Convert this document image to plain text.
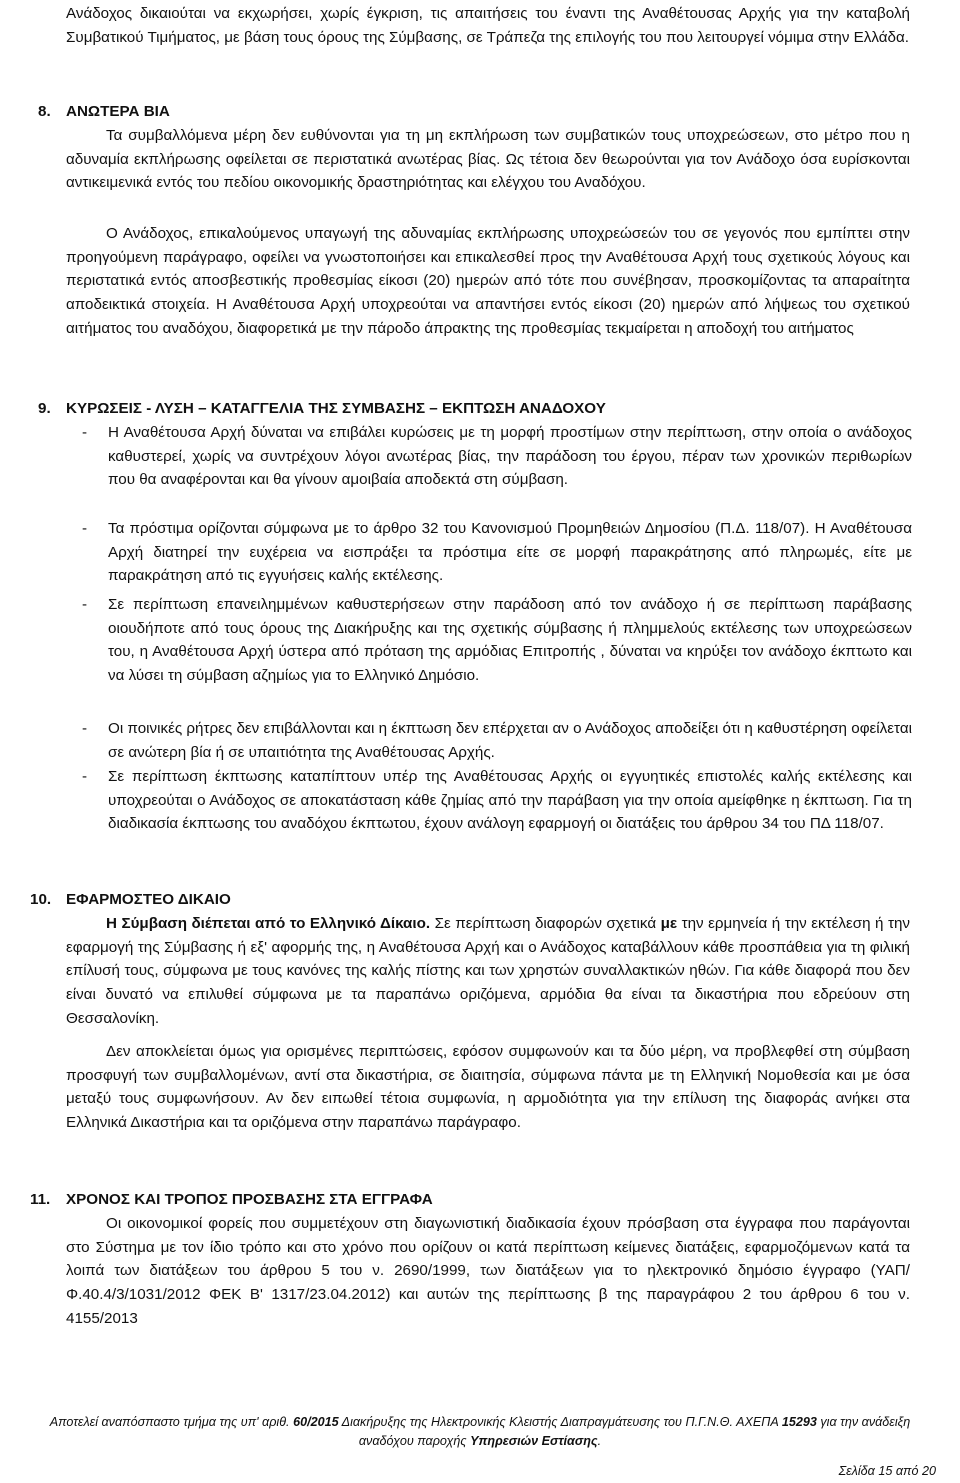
Ανάδοχος δικαιούται να εκχωρήσει, χωρίς έγκριση, τις απαιτήσεις του έναντι της Αναθέτουσας Αρχής για την καταβολή Συμβατικού Τιμήματος, με βάση τους όρους της Σύμβασης, σε Τράπεζα της επιλογής του που λειτουργεί νόμιμα στην Ελλάδα.

8. ΑΝΩΤΕΡΑ ΒΙΑ

Τα συμβαλλόμενα μέρη δεν ευθύνονται για τη μη εκπλήρωση των συμβατικών τους υποχρεώσεων, στο μέτρο που η αδυναμία εκπλήρωσης οφείλεται σε περιστατικά ανωτέρας βίας. Ως τέτοια δεν θεωρούνται για τον Ανάδοχο όσα ευρίσκονται αντικειμενικά εντός του πεδίου οικονομικής δραστηριότητας και ελέγχου του Αναδόχου.

Ο Ανάδοχος, επικαλούμενος υπαγωγή της αδυναμίας εκπλήρωσης υποχρεώσεών του σε γεγονός που εμπίπτει στην προηγούμενη παράγραφο, οφείλει να γνωστοποιήσει και επικαλεσθεί προς την Αναθέτουσα Αρχή τους σχετικούς λόγους και περιστατικά εντός αποσβεστικής προθεσμίας είκοσι (20) ημερών από τότε που συνέβησαν, προσκομίζοντας τα απαραίτητα αποδεικτικά στοιχεία. Η Αναθέτουσα Αρχή υποχρεούται να απαντήσει εντός είκοσι (20) ημερών από λήψεως του σχετικού αιτήματος του αναδόχου, διαφορετικά με την πάροδο άπρακτης της προθεσμίας τεκμαίρεται η αποδοχή του αιτήματος

9. ΚΥΡΩΣΕΙΣ - ΛΥΣΗ – ΚΑΤΑΓΓΕΛΙΑ ΤΗΣ ΣΥΜΒΑΣΗΣ – ΕΚΠΤΩΣΗ ΑΝΑΔΟΧΟΥ

- Η Αναθέτουσα Αρχή δύναται να επιβάλει κυρώσεις με τη μορφή προστίμων στην περίπτωση, στην οποία ο ανάδοχος καθυστερεί, χωρίς να συντρέχουν λόγοι ανωτέρας βίας, την παράδοση του έργου, πέραν των χρονικών περιθωρίων που θα αναφέρονται και θα γίνουν αμοιβαία αποδεκτά στη σύμβαση.

- Τα πρόστιμα ορίζονται σύμφωνα με το άρθρο 32 του Κανονισμού Προμηθειών Δημοσίου (Π.Δ. 118/07). Η Αναθέτουσα Αρχή διατηρεί την ευχέρεια να εισπράξει τα πρόστιμα είτε σε μορφή παρακράτησης από πληρωμές, είτε με παρακράτηση από τις εγγυήσεις καλής εκτέλεσης.

- Σε περίπτωση επανειλημμένων καθυστερήσεων στην παράδοση από τον ανάδοχο ή σε περίπτωση παράβασης οιουδήποτε από τους όρους της Διακήρυξης και της σχετικής σύμβασης ή πλημμελούς εκτέλεσης των υποχρεώσεων του, η Αναθέτουσα Αρχή ύστερα από πρόταση της αρμόδιας Επιτροπής , δύναται να κηρύξει τον ανάδοχο έκπτωτο και να λύσει τη σύμβαση αζημίως για το Ελληνικό Δημόσιο.

- Οι ποινικές ρήτρες δεν επιβάλλονται και η έκπτωση δεν επέρχεται αν ο Ανάδοχος αποδείξει ότι η καθυστέρηση οφείλεται σε ανώτερη βία ή σε υπαιτιότητα της Αναθέτουσας Αρχής.

- Σε περίπτωση έκπτωσης καταπίπτουν υπέρ της Αναθέτουσας Αρχής οι εγγυητικές επιστολές καλής εκτέλεσης και υποχρεούται ο Ανάδοχος σε αποκατάσταση κάθε ζημίας από την παράβαση για την οποία αμείφθηκε η έκπτωση. Για τη διαδικασία έκπτωσης του αναδόχου έκπτωτου, έχουν ανάλογη εφαρμογή οι διατάξεις του άρθρου 34 του ΠΔ 118/07.

10. ΕΦΑΡΜΟΣΤΕΟ ΔΙΚΑΙΟ

Η Σύμβαση διέπεται από το Ελληνικό Δίκαιο. Σε περίπτωση διαφορών σχετικά με την ερμηνεία ή την εκτέλεση ή την εφαρμογή της Σύμβασης ή εξ' αφορμής της, η Αναθέτουσα Αρχή και ο Ανάδοχος καταβάλλουν κάθε προσπάθεια για τη φιλική επίλυσή τους, σύμφωνα με τους κανόνες της καλής πίστης και των χρηστών συναλλακτικών ηθών. Για κάθε διαφορά που δεν είναι δυνατό να επιλυθεί σύμφωνα με τα παραπάνω οριζόμενα, αρμόδια θα είναι τα δικαστήρια που εδρεύουν στη Θεσσαλονίκη.

Δεν αποκλείεται όμως για ορισμένες περιπτώσεις, εφόσον συμφωνούν και τα δύο μέρη, να προβλεφθεί στη σύμβαση προσφυγή των συμβαλλομένων, αντί στα δικαστήρια, σε διαιτησία, σύμφωνα πάντα με τη Ελληνική Νομοθεσία και με όσα μεταξύ τους συμφωνήσουν. Αν δεν ειπωθεί τέτοια συμφωνία, η αρμοδιότητα για την επίλυση της διαφοράς ανήκει στα Ελληνικά Δικαστήρια και τα οριζόμενα στην παραπάνω παράγραφο.

11. ΧΡΟΝΟΣ ΚΑΙ ΤΡΟΠΟΣ ΠΡΟΣΒΑΣΗΣ ΣΤΑ ΕΓΓΡΑΦΑ

Οι οικονομικοί φορείς που συμμετέχουν στη διαγωνιστική διαδικασία έχουν πρόσβαση στα έγγραφα που παράγονται στο Σύστημα με τον ίδιο τρόπο και στο χρόνο που ορίζουν οι κατά περίπτωση κείμενες διατάξεις, εφαρμοζόμενων κατά τα λοιπά των διατάξεων του άρθρου 5 του ν. 2690/1999, των διατάξεων για το ηλεκτρονικό δημόσιο έγγραφο (ΥΑΠ/Φ.40.4/3/1031/2012 ΦΕΚ Β' 1317/23.04.2012) και αυτών της περίπτωσης β της παραγράφου 2 του άρθρου 6 του ν. 4155/2013

Αποτελεί αναπόσπαστο τμήμα της υπ' αριθ. 60/2015 Διακήρυξης της Ηλεκτρονικής Κλειστής Διαπραγμάτευσης του Π.Γ.Ν.Θ. ΑΧΕΠΑ 15293 για την ανάδειξη αναδόχου παροχής Υπηρεσιών Εστίασης.

Σελίδα 15 από 20
